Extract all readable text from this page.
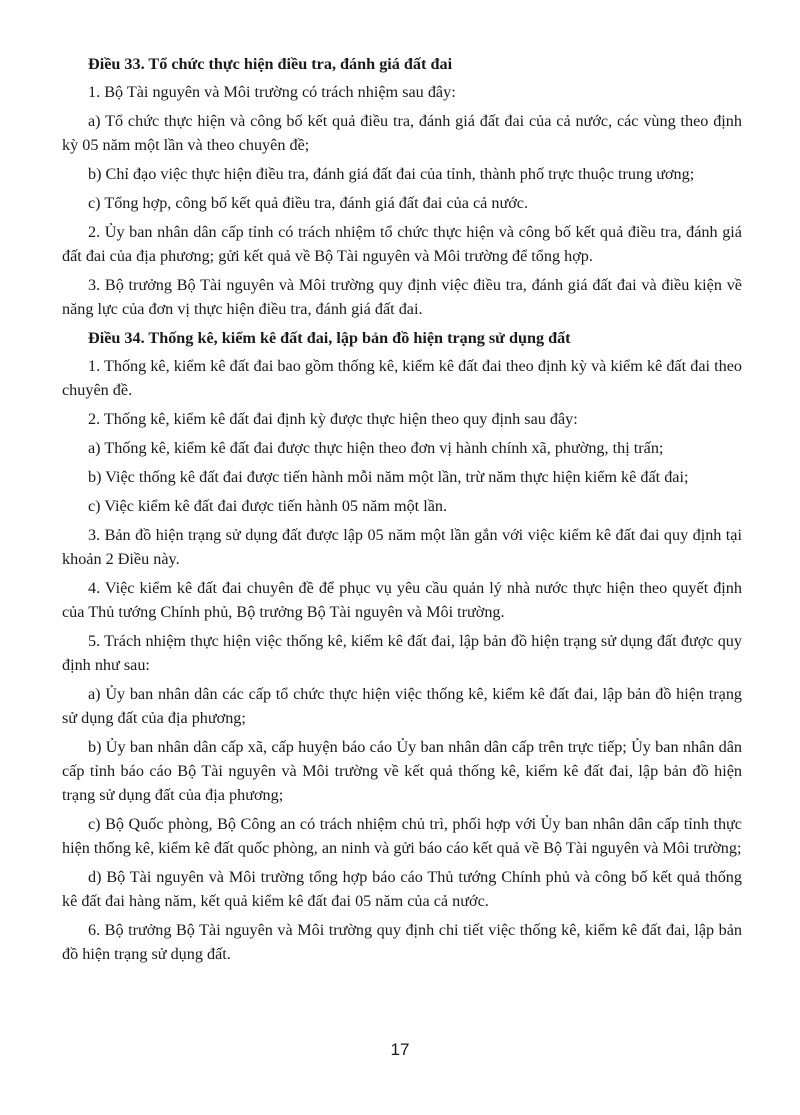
Điều 33. Tổ chức thực hiện điều tra, đánh giá đất đai
1. Bộ Tài nguyên và Môi trường có trách nhiệm sau đây:
a) Tổ chức thực hiện và công bố kết quả điều tra, đánh giá đất đai của cả nước, các vùng theo định kỳ 05 năm một lần và theo chuyên đề;
b) Chỉ đạo việc thực hiện điều tra, đánh giá đất đai của tỉnh, thành phố trực thuộc trung ương;
c) Tổng hợp, công bố kết quả điều tra, đánh giá đất đai của cả nước.
2. Ủy ban nhân dân cấp tỉnh có trách nhiệm tổ chức thực hiện và công bố kết quả điều tra, đánh giá đất đai của địa phương; gửi kết quả về Bộ Tài nguyên và Môi trường để tổng hợp.
3. Bộ trưởng Bộ Tài nguyên và Môi trường quy định việc điều tra, đánh giá đất đai và điều kiện về năng lực của đơn vị thực hiện điều tra, đánh giá đất đai.
Điều 34. Thống kê, kiểm kê đất đai, lập bản đồ hiện trạng sử dụng đất
1. Thống kê, kiểm kê đất đai bao gồm thống kê, kiểm kê đất đai theo định kỳ và kiểm kê đất đai theo chuyên đề.
2. Thống kê, kiểm kê đất đai định kỳ được thực hiện theo quy định sau đây:
a) Thống kê, kiểm kê đất đai được thực hiện theo đơn vị hành chính xã, phường, thị trấn;
b) Việc thống kê đất đai được tiến hành mỗi năm một lần, trừ năm thực hiện kiểm kê đất đai;
c) Việc kiểm kê đất đai được tiến hành 05 năm một lần.
3. Bản đồ hiện trạng sử dụng đất được lập 05 năm một lần gắn với việc kiểm kê đất đai quy định tại khoản 2 Điều này.
4. Việc kiểm kê đất đai chuyên đề để phục vụ yêu cầu quản lý nhà nước thực hiện theo quyết định của Thủ tướng Chính phủ, Bộ trưởng Bộ Tài nguyên và Môi trường.
5. Trách nhiệm thực hiện việc thống kê, kiểm kê đất đai, lập bản đồ hiện trạng sử dụng đất được quy định như sau:
a) Ủy ban nhân dân các cấp tổ chức thực hiện việc thống kê, kiểm kê đất đai, lập bản đồ hiện trạng sử dụng đất của địa phương;
b) Ủy ban nhân dân cấp xã, cấp huyện báo cáo Ủy ban nhân dân cấp trên trực tiếp; Ủy ban nhân dân cấp tỉnh báo cáo Bộ Tài nguyên và Môi trường về kết quả thống kê, kiểm kê đất đai, lập bản đồ hiện trạng sử dụng đất của địa phương;
c) Bộ Quốc phòng, Bộ Công an có trách nhiệm chủ trì, phối hợp với Ủy ban nhân dân cấp tỉnh thực hiện thống kê, kiểm kê đất quốc phòng, an ninh và gửi báo cáo kết quả về Bộ Tài nguyên và Môi trường;
d) Bộ Tài nguyên và Môi trường tổng hợp báo cáo Thủ tướng Chính phủ và công bố kết quả thống kê đất đai hàng năm, kết quả kiểm kê đất đai 05 năm của cả nước.
6. Bộ trưởng Bộ Tài nguyên và Môi trường quy định chi tiết việc thống kê, kiểm kê đất đai, lập bản đồ hiện trạng sử dụng đất.
17
